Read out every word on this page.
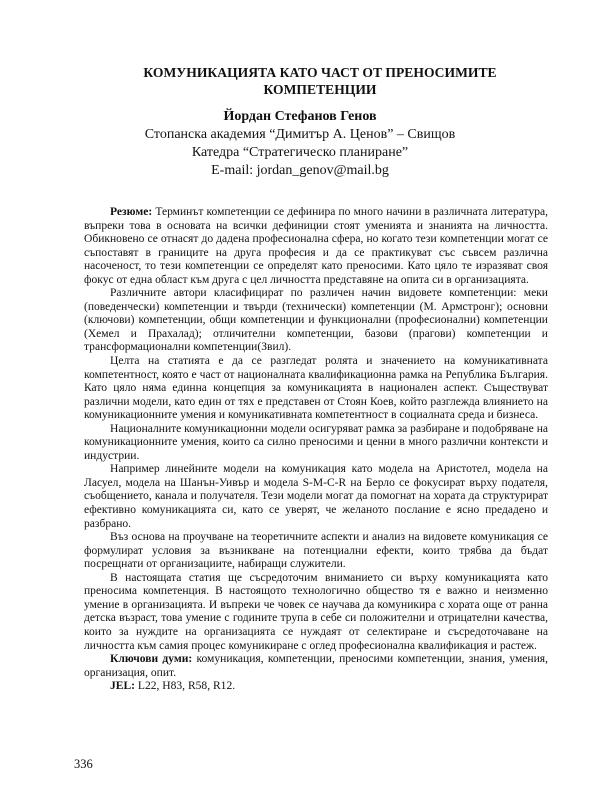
КОМУНИКАЦИЯТА КАТО ЧАСТ ОТ ПРЕНОСИМИТЕ КОМПЕТЕНЦИИ
Йордан Стефанов Генов
Стопанска академия “Димитър А. Ценов” – Свищов
Катедра “Стратегическо планиране”
E-mail: jordan_genov@mail.bg

Резюме: Терминът компетенции се дефинира по много начини в различната литература, въпреки това в основата на всички дефиниции стоят уменията и знанията на личността. Обикновено се отнасят до дадена професионална сфера, но когато тези компетенции могат се съпоставят в границите на друга професия и да се практикуват със съвсем различна насоченост, то тези компетенции се определят като преносими. Като цяло те изразяват своя фокус от една област към друга с цел личността представяне на опита си в организацията.

Различните автори класифицират по различен начин видовете компетенции: меки (поведенчески) компетенции и твърди (технически) компетенции (М. Армстронг); основни (ключови) компетенции, общи компетенции и функционални (професионални) компетенции (Хемел и Прахалад); отличителни компетенции, базови (прагови) компетенции и трансформационални компетенции(Звил).

Целта на статията е да се разгледат ролята и значението на комуникативната компетентност, която е част от националната квалификационна рамка на Република България. Като цяло няма единна концепция за комуникацията в национален аспект. Съществуват различни модели, като един от тях е представен от Стоян Коев, който разглежда влиянието на комуникационните умения и комуникативната компетентност в социалната среда и бизнеса.

Националните комуникационни модели осигуряват рамка за разбиране и подобряване на комуникационните умения, които са силно преносими и ценни в много различни контексти и индустрии.

Например линейните модели на комуникация като модела на Аристотел, модела на Ласуел, модела на Шанън-Уивър и модела S-M-C-R на Берло се фокусират върху подателя, съобщението, канала и получателя. Тези модели могат да помогнат на хората да структурират ефективно комуникацията си, като се уверят, че желаното послание е ясно предадено и разбрано.

Въз основа на проучване на теоретичните аспекти и анализ на видовете комуникация се формулират условия за възникване на потенциални ефекти, които трябва да бъдат посрещнати от организациите, набиращи служители.

В настоящата статия ще съсредоточим вниманието си върху комуникацията като преносима компетенция. В настоящото технологично общество тя е важно и неизменно умение в организацията. И въпреки че човек се научава да комуникира с хората още от ранна детска възраст, това умение с годините трупа в себе си положителни и отрицателни качества, които за нуждите на организацията се нуждаят от селектиране и съсредоточаване на личността към самия процес комуникиране с оглед професионална квалификация и растеж.

Ключови думи: комуникация, компетенции, преносими компетенции, знания, умения, организация, опит.

JEL: L22, H83, R58, R12.

336
